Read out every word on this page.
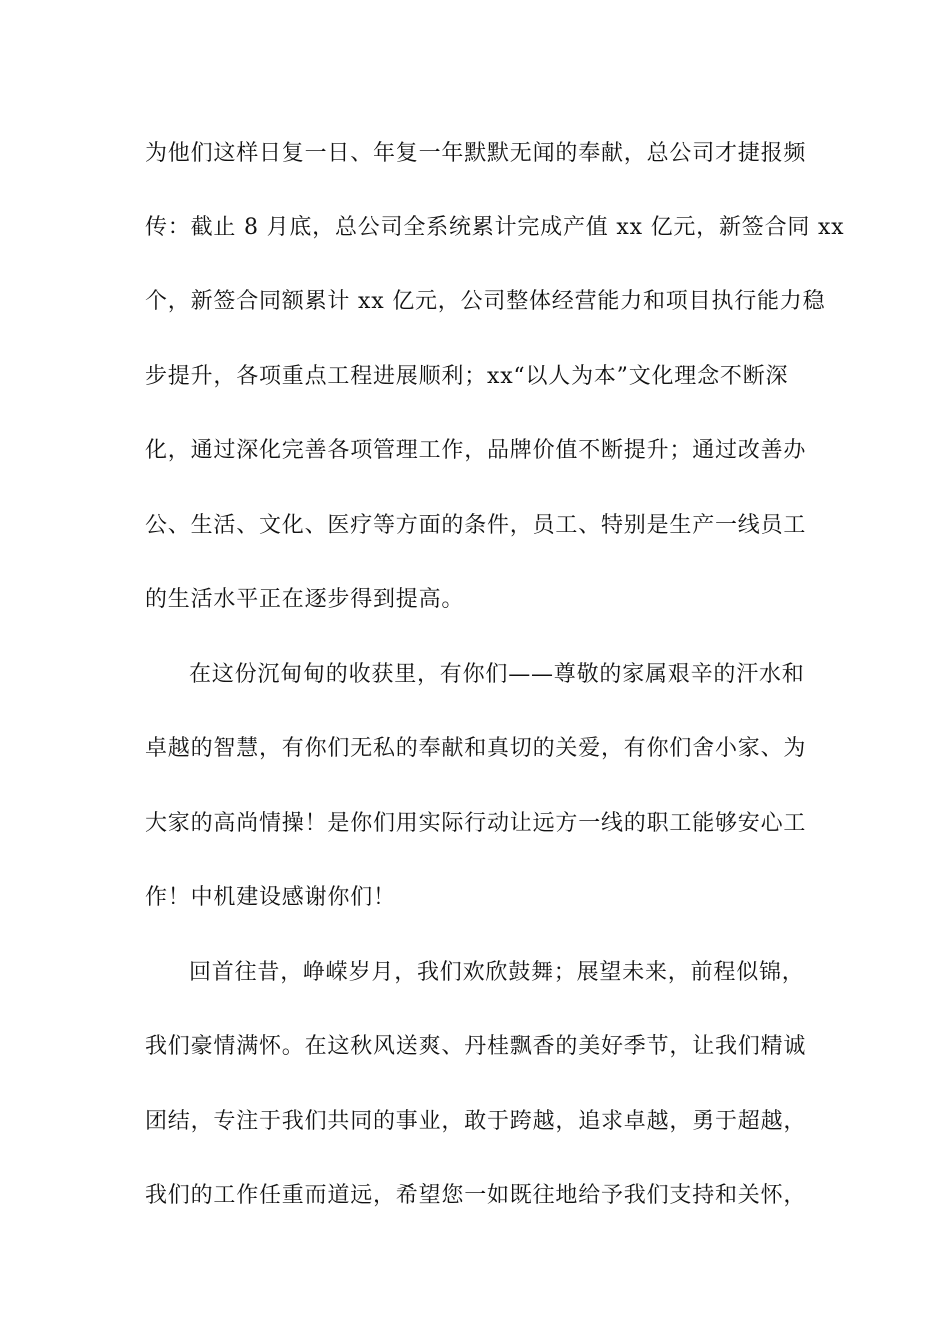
为他们这样日复一日、年复一年默默无闻的奉献，总公司才捷报频

传：截止 8 月底，总公司全系统累计完成产值 xx 亿元，新签合同 xx

个，新签合同额累计 xx 亿元，公司整体经营能力和项目执行能力稳

步提升，各项重点工程进展顺利；xx“以人为本”文化理念不断深

化，通过深化完善各项管理工作，品牌价值不断提升；通过改善办

公、生活、文化、医疗等方面的条件，员工、特别是生产一线员工

的生活水平正在逐步得到提高。

在这份沉甸甸的收获里，有你们——尊敬的家属艰辛的汗水和

卓越的智慧，有你们无私的奉献和真切的关爱，有你们舍小家、为

大家的高尚情操！是你们用实际行动让远方一线的职工能够安心工

作！中机建设感谢你们！

回首往昔，峥嵘岁月，我们欢欣鼓舞；展望未来，前程似锦，

我们豪情满怀。在这秋风送爽、丹桂飘香的美好季节，让我们精诚

团结，专注于我们共同的事业，敢于跨越，追求卓越，勇于超越，

我们的工作任重而道远，希望您一如既往地给予我们支持和关怀，
